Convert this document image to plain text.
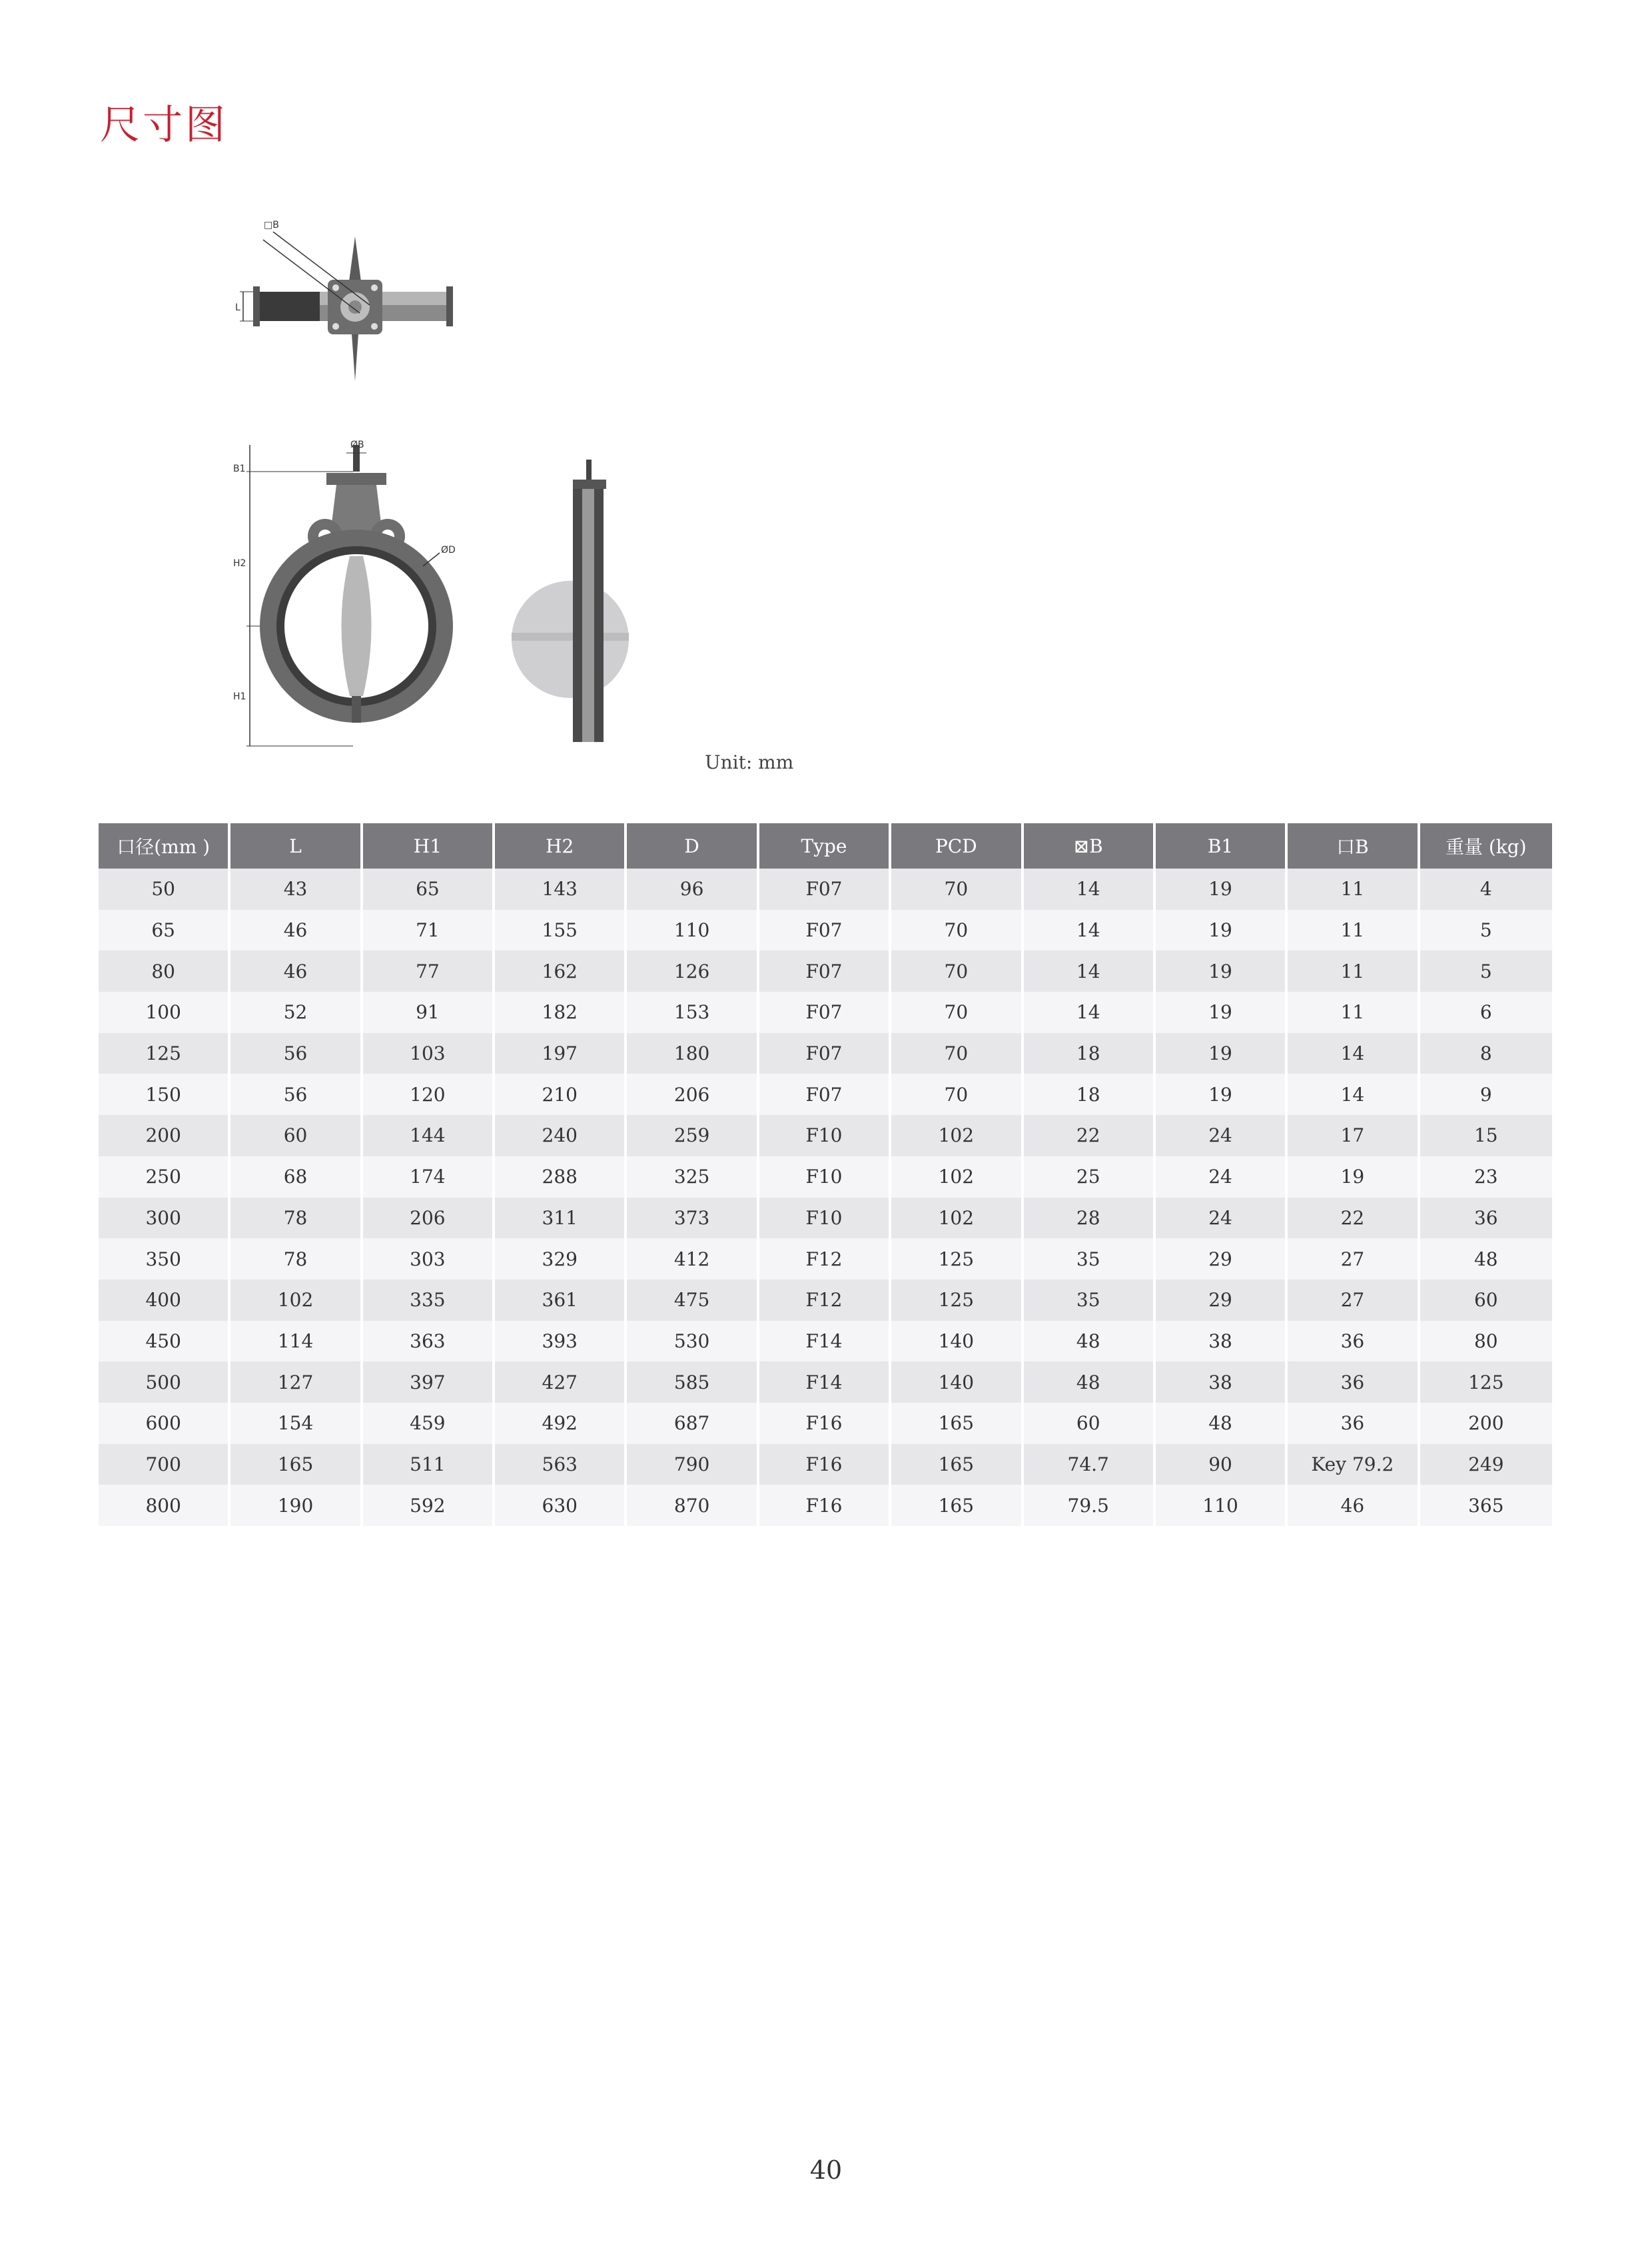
尺寸图
□B
L
ØB
B1
H2
H1
ØD
Unit: mm
口径(mm )	L	H1	H2	D	Type	PCD	⊠B	B1	口B	重量 (kg)
50	43	65	143	96	F07	70	14	19	11	4
65	46	71	155	110	F07	70	14	19	11	5
80	46	77	162	126	F07	70	14	19	11	5
100	52	91	182	153	F07	70	14	19	11	6
125	56	103	197	180	F07	70	18	19	14	8
150	56	120	210	206	F07	70	18	19	14	9
200	60	144	240	259	F10	102	22	24	17	15
250	68	174	288	325	F10	102	25	24	19	23
300	78	206	311	373	F10	102	28	24	22	36
350	78	303	329	412	F12	125	35	29	27	48
400	102	335	361	475	F12	125	35	29	27	60
450	114	363	393	530	F14	140	48	38	36	80
500	127	397	427	585	F14	140	48	38	36	125
600	154	459	492	687	F16	165	60	48	36	200
700	165	511	563	790	F16	165	74.7	90	Key 79.2	249
800	190	592	630	870	F16	165	79.5	110	46	365
40
